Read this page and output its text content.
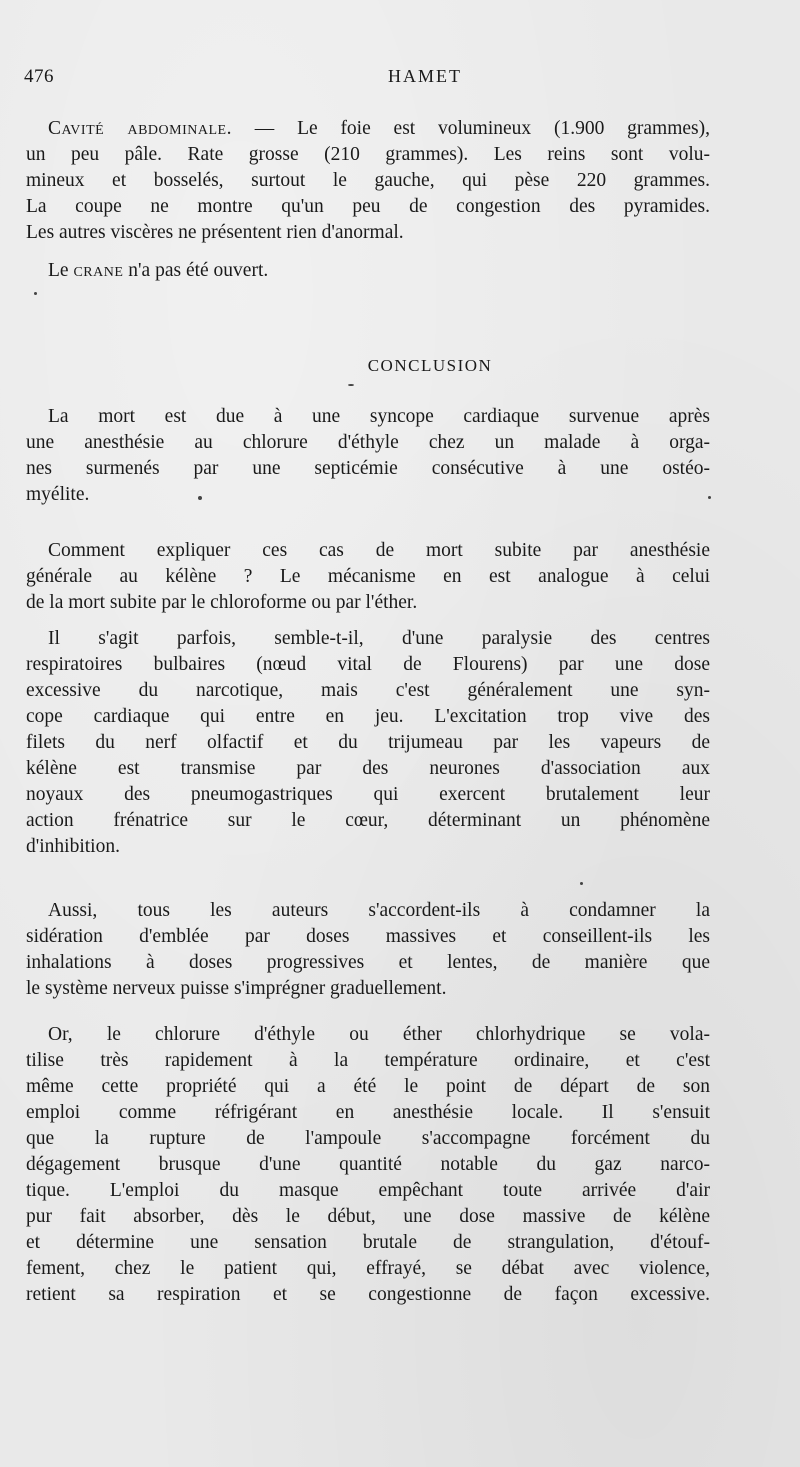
476	HAMET
Cavité abdominale. — Le foie est volumineux (1.900 grammes),
un peu pâle. Rate grosse (210 grammes). Les reins sont volu-
mineux et bosselés, surtout le gauche, qui pèse 220 grammes.
La coupe ne montre qu'un peu de congestion des pyramides.
Les autres viscères ne présentent rien d'anormal.
Le crane n'a pas été ouvert.
CONCLUSION
La mort est due à une syncope cardiaque survenue après
une anesthésie au chlorure d'éthyle chez un malade à orga-
nes surmenés par une septicémie consécutive à une ostéo-
myélite.
Comment expliquer ces cas de mort subite par anesthésie
générale au kélène ? Le mécanisme en est analogue à celui
de la mort subite par le chloroforme ou par l'éther.
Il s'agit parfois, semble-t-il, d'une paralysie des centres
respiratoires bulbaires (nœud vital de Flourens) par une dose
excessive du narcotique, mais c'est généralement une syn-
cope cardiaque qui entre en jeu. L'excitation trop vive des
filets du nerf olfactif et du trijumeau par les vapeurs de
kélène est transmise par des neurones d'association aux
noyaux des pneumogastriques qui exercent brutalement leur
action frénatrice sur le cœur, déterminant un phénomène
d'inhibition.
Aussi, tous les auteurs s'accordent-ils à condamner la
sidération d'emblée par doses massives et conseillent-ils les
inhalations à doses progressives et lentes, de manière que
le système nerveux puisse s'imprégner graduellement.
Or, le chlorure d'éthyle ou éther chlorhydrique se vola-
tilise très rapidement à la température ordinaire, et c'est
même cette propriété qui a été le point de départ de son
emploi comme réfrigérant en anesthésie locale. Il s'ensuit
que la rupture de l'ampoule s'accompagne forcément du
dégagement brusque d'une quantité notable du gaz narco-
tique. L'emploi du masque empêchant toute arrivée d'air
pur fait absorber, dès le début, une dose massive de kélène
et détermine une sensation brutale de strangulation, d'étouf-
fement, chez le patient qui, effrayé, se débat avec violence,
retient sa respiration et se congestionne de façon excessive.
